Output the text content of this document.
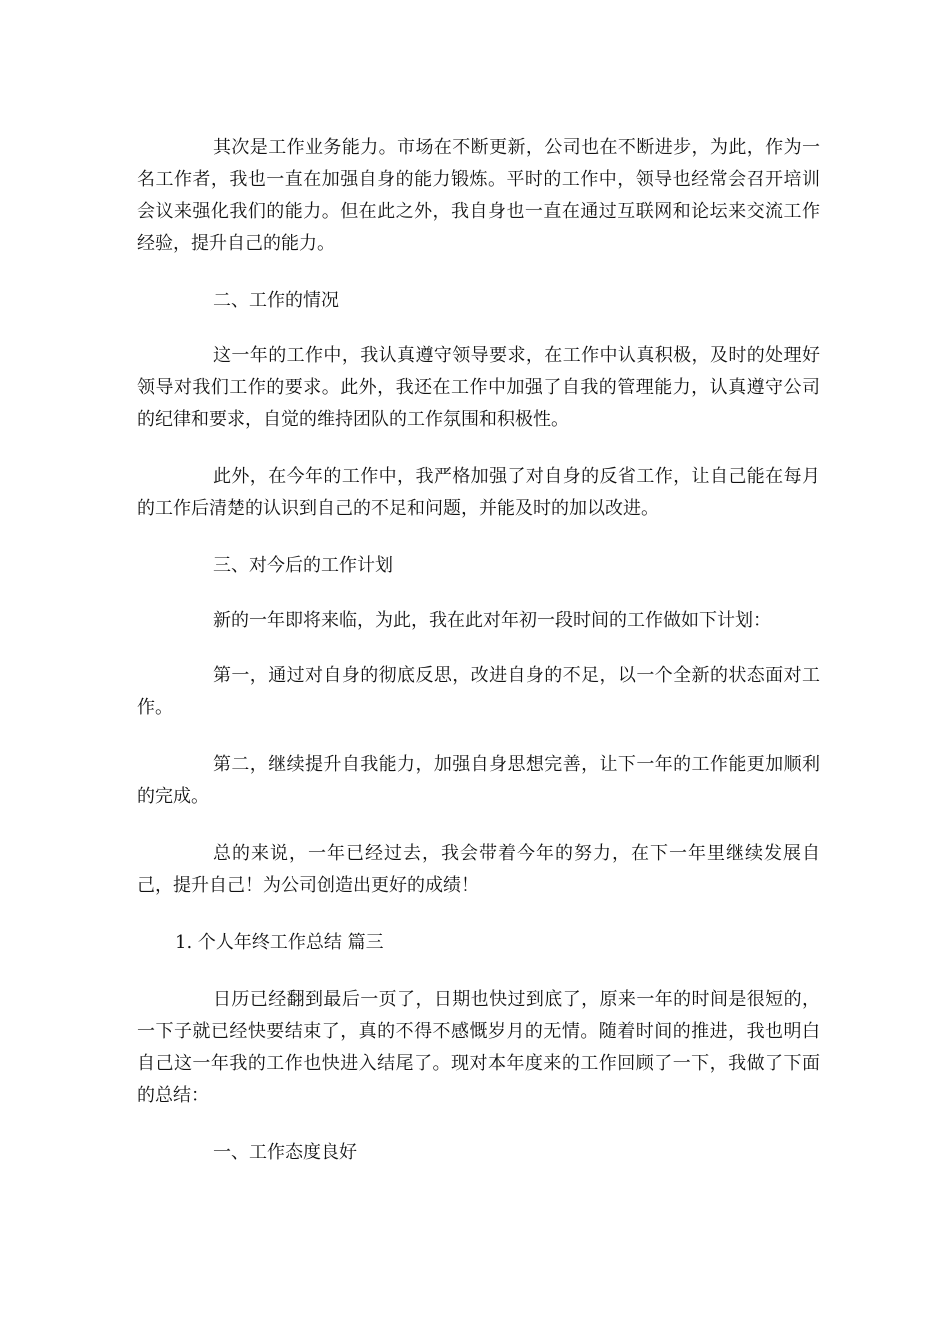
其次是工作业务能力。市场在不断更新，公司也在不断进步，为此，作为一名工作者，我也一直在加强自身的能力锻炼。平时的工作中，领导也经常会召开培训会议来强化我们的能力。但在此之外，我自身也一直在通过互联网和论坛来交流工作经验，提升自己的能力。

二、工作的情况

这一年的工作中，我认真遵守领导要求，在工作中认真积极，及时的处理好领导对我们工作的要求。此外，我还在工作中加强了自我的管理能力，认真遵守公司的纪律和要求，自觉的维持团队的工作氛围和积极性。

此外，在今年的工作中，我严格加强了对自身的反省工作，让自己能在每月的工作后清楚的认识到自己的不足和问题，并能及时的加以改进。

三、对今后的工作计划

新的一年即将来临，为此，我在此对年初一段时间的工作做如下计划：

第一，通过对自身的彻底反思，改进自身的不足，以一个全新的状态面对工作。

第二，继续提升自我能力，加强自身思想完善，让下一年的工作能更加顺利的完成。

总的来说，一年已经过去，我会带着今年的努力，在下一年里继续发展自己，提升自己！为公司创造出更好的成绩！

1. 个人年终工作总结 篇三

日历已经翻到最后一页了，日期也快过到底了，原来一年的时间是很短的，一下子就已经快要结束了，真的不得不感慨岁月的无情。随着时间的推进，我也明白自己这一年我的工作也快进入结尾了。现对本年度来的工作回顾了一下，我做了下面的总结：

一、工作态度良好
